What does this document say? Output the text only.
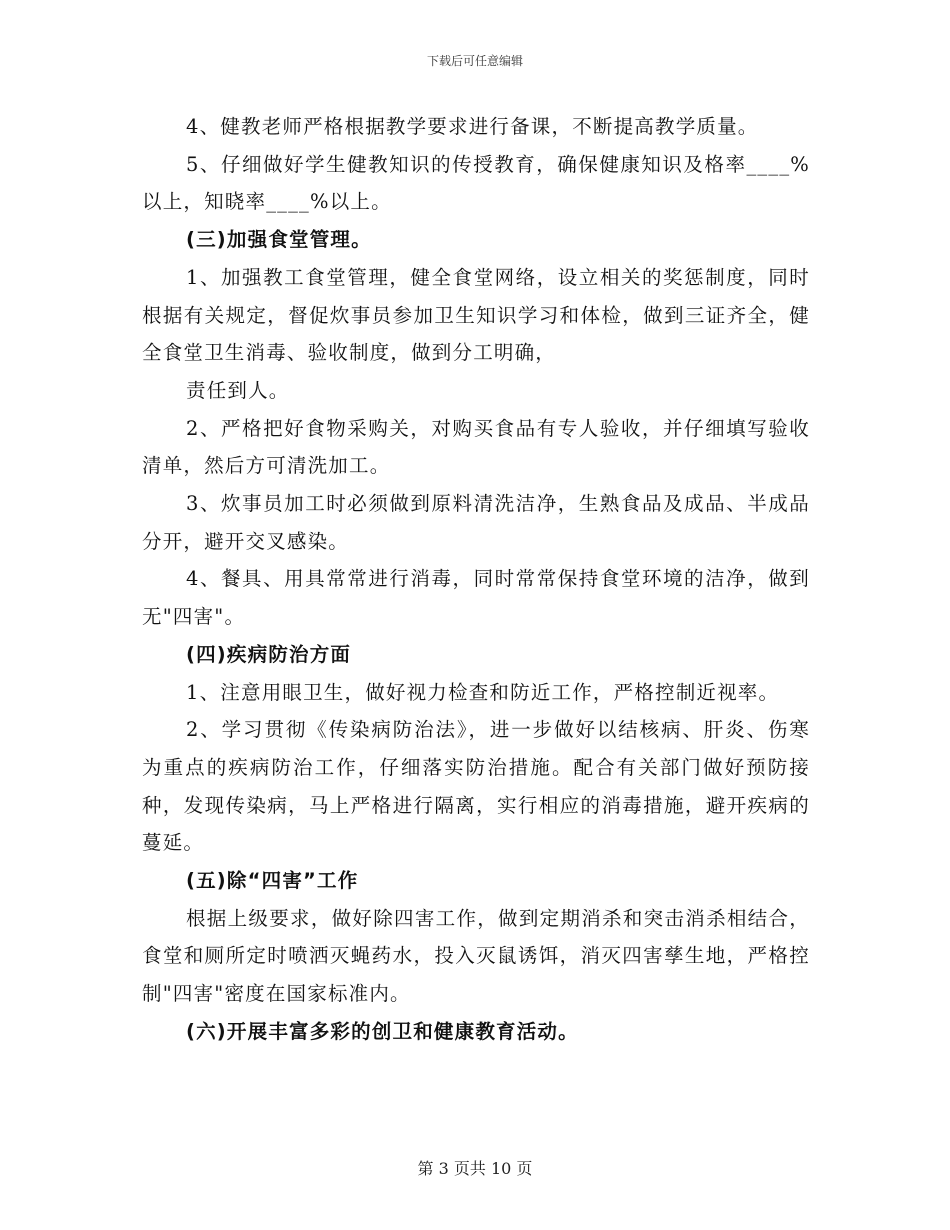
下载后可任意编辑

4、健教老师严格根据教学要求进行备课，不断提高教学质量。

5、仔细做好学生健教知识的传授教育，确保健康知识及格率____%以上，知晓率____%以上。

(三)加强食堂管理。

1、加强教工食堂管理，健全食堂网络，设立相关的奖惩制度，同时根据有关规定，督促炊事员参加卫生知识学习和体检，做到三证齐全，健全食堂卫生消毒、验收制度，做到分工明确，

责任到人。

2、严格把好食物采购关，对购买食品有专人验收，并仔细填写验收清单，然后方可清洗加工。

3、炊事员加工时必须做到原料清洗洁净，生熟食品及成品、半成品分开，避开交叉感染。

4、餐具、用具常常进行消毒，同时常常保持食堂环境的洁净，做到无"四害"。

(四)疾病防治方面

1、注意用眼卫生，做好视力检查和防近工作，严格控制近视率。

2、学习贯彻《传染病防治法》，进一步做好以结核病、肝炎、伤寒为重点的疾病防治工作，仔细落实防治措施。配合有关部门做好预防接种，发现传染病，马上严格进行隔离，实行相应的消毒措施，避开疾病的蔓延。

(五)除“四害”工作

根据上级要求，做好除四害工作，做到定期消杀和突击消杀相结合，食堂和厕所定时喷洒灭蝇药水，投入灭鼠诱饵，消灭四害孳生地，严格控制"四害"密度在国家标准内。

(六)开展丰富多彩的创卫和健康教育活动。

第 3 页共 10 页
